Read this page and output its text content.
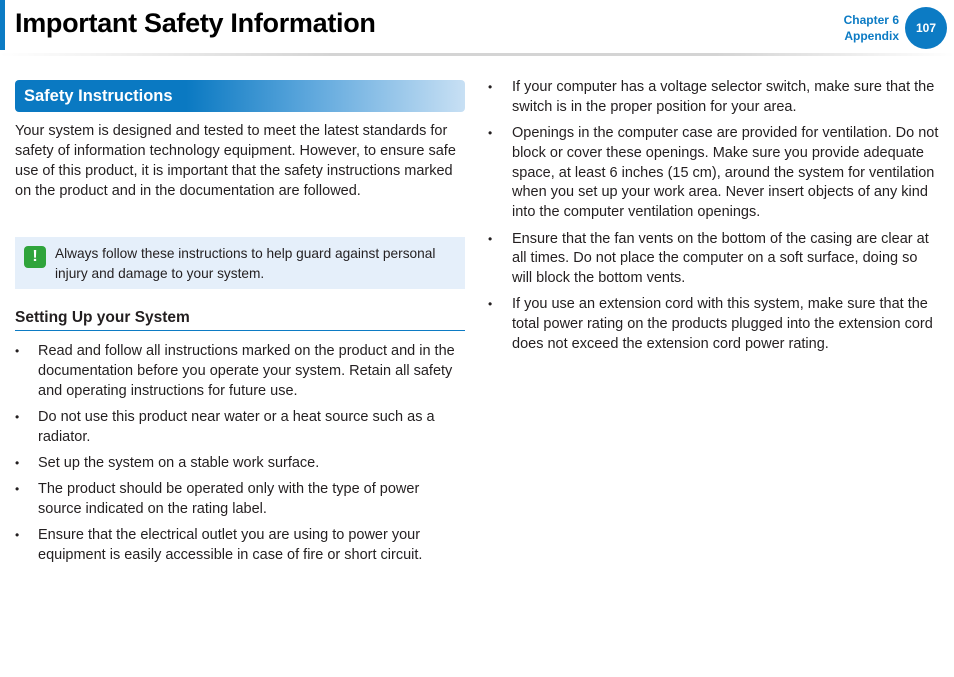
Important Safety Information	Chapter 6
Appendix
107
Safety Instructions

Your system is designed and tested to meet the latest standards for safety of information technology equipment. However, to ensure safe use of this product, it is important that the safety instructions marked on the product and in the documentation are followed.

!	Always follow these instructions to help guard against personal injury and damage to your system.
Setting Up your System
• Read and follow all instructions marked on the product and in the documentation before you operate your system. Retain all safety and operating instructions for future use.
• Do not use this product near water or a heat source such as a radiator.
• Set up the system on a stable work surface.
• The product should be operated only with the type of power source indicated on the rating label.
• Ensure that the electrical outlet you are using to power your equipment is easily accessible in case of fire or short circuit.
• If your computer has a voltage selector switch, make sure that the switch is in the proper position for your area.
• Openings in the computer case are provided for ventilation. Do not block or cover these openings. Make sure you provide adequate space, at least 6 inches (15 cm), around the system for ventilation when you set up your work area. Never insert objects of any kind into the computer ventilation openings.
• Ensure that the fan vents on the bottom of the casing are clear at all times. Do not place the computer on a soft surface, doing so will block the bottom vents.
• If you use an extension cord with this system, make sure that the total power rating on the products plugged into the extension cord does not exceed the extension cord power rating.
